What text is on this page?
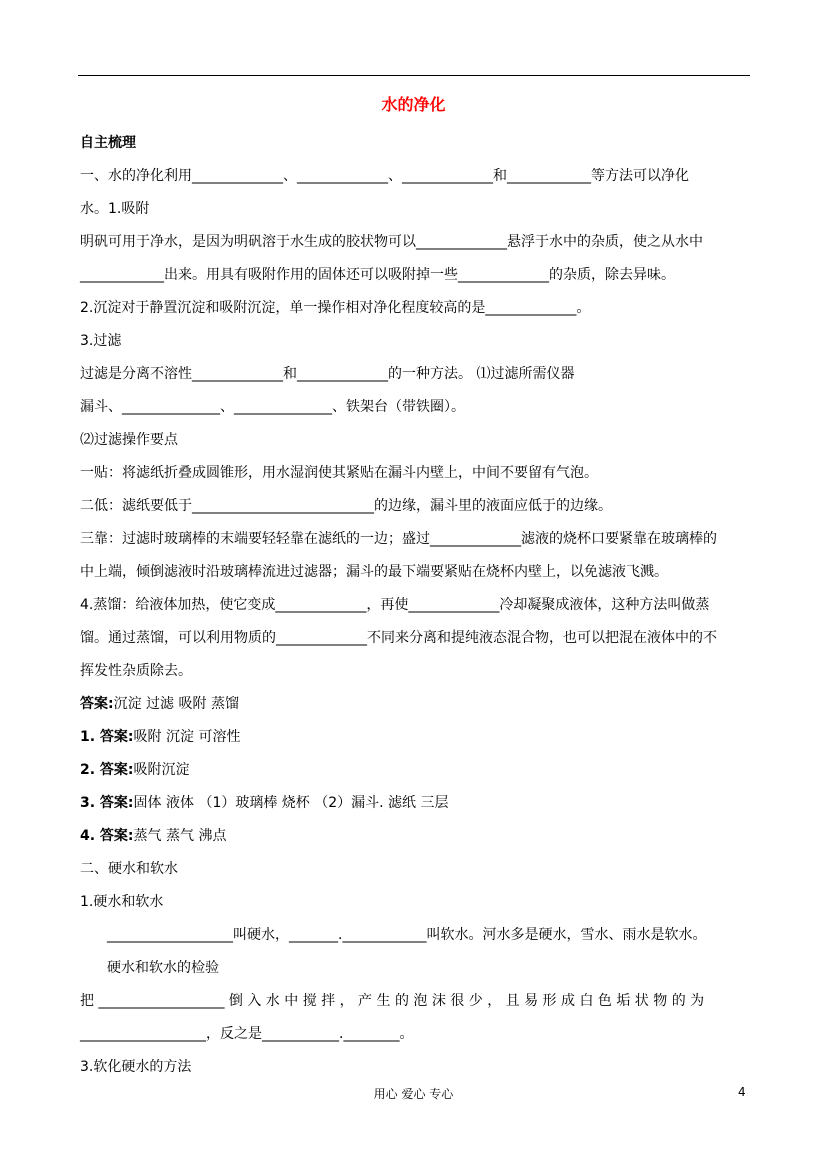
水的净化
自主梳理
一、水的净化利用_____________、_____________、_____________和____________等方法可以净化
水。1.吸附
明矾可用于净水，是因为明矾溶于水生成的胶状物可以_____________悬浮于水中的杂质，使之从水中
____________出来。用具有吸附作用的固体还可以吸附掉一些_____________的杂质，除去异味。
2.沉淀对于静置沉淀和吸附沉淀，单一操作相对净化程度较高的是_____________。
3.过滤
过滤是分离不溶性_____________和_____________的一种方法。 ⑴过滤所需仪器
漏斗、______________、______________、铁架台（带铁圈）。
⑵过滤操作要点
一贴：将滤纸折叠成圆锥形，用水湿润使其紧贴在漏斗内壁上，中间不要留有气泡。
二低：滤纸要低于__________________________的边缘，漏斗里的液面应低于的边缘。
三靠：过滤时玻璃棒的末端要轻轻靠在滤纸的一边；盛过_____________滤液的烧杯口要紧靠在玻璃棒的
中上端，倾倒滤液时沿玻璃棒流进过滤器；漏斗的最下端要紧贴在烧杯内壁上，以免滤液飞溅。
4.蒸馏：给液体加热，使它变成_____________，再使_____________冷却凝聚成液体，这种方法叫做蒸
馏。通过蒸馏，可以利用物质的_____________不同来分离和提纯液态混合物，也可以把混在液体中的不
挥发性杂质除去。
答案:沉淀 过滤 吸附 蒸馏
1. 答案:吸附 沉淀 可溶性
2. 答案:吸附沉淀
3. 答案:固体 液体 （1）玻璃棒 烧杯 （2）漏斗. 滤纸 三层
4. 答案:蒸气 蒸气 沸点
二、硬水和软水
1.硬水和软水
__________________叫硬水，_______.____________叫软水。河水多是硬水，雪水、雨水是软水。
硬水和软水的检验
把 __________________ 倒 入 水 中 搅 拌 ， 产 生 的 泡 沫 很 少 ， 且 易 形 成 白 色 垢 状 物 的 为
__________________，反之是___________.________。
3.软化硬水的方法
用心 爱心 专心	4
